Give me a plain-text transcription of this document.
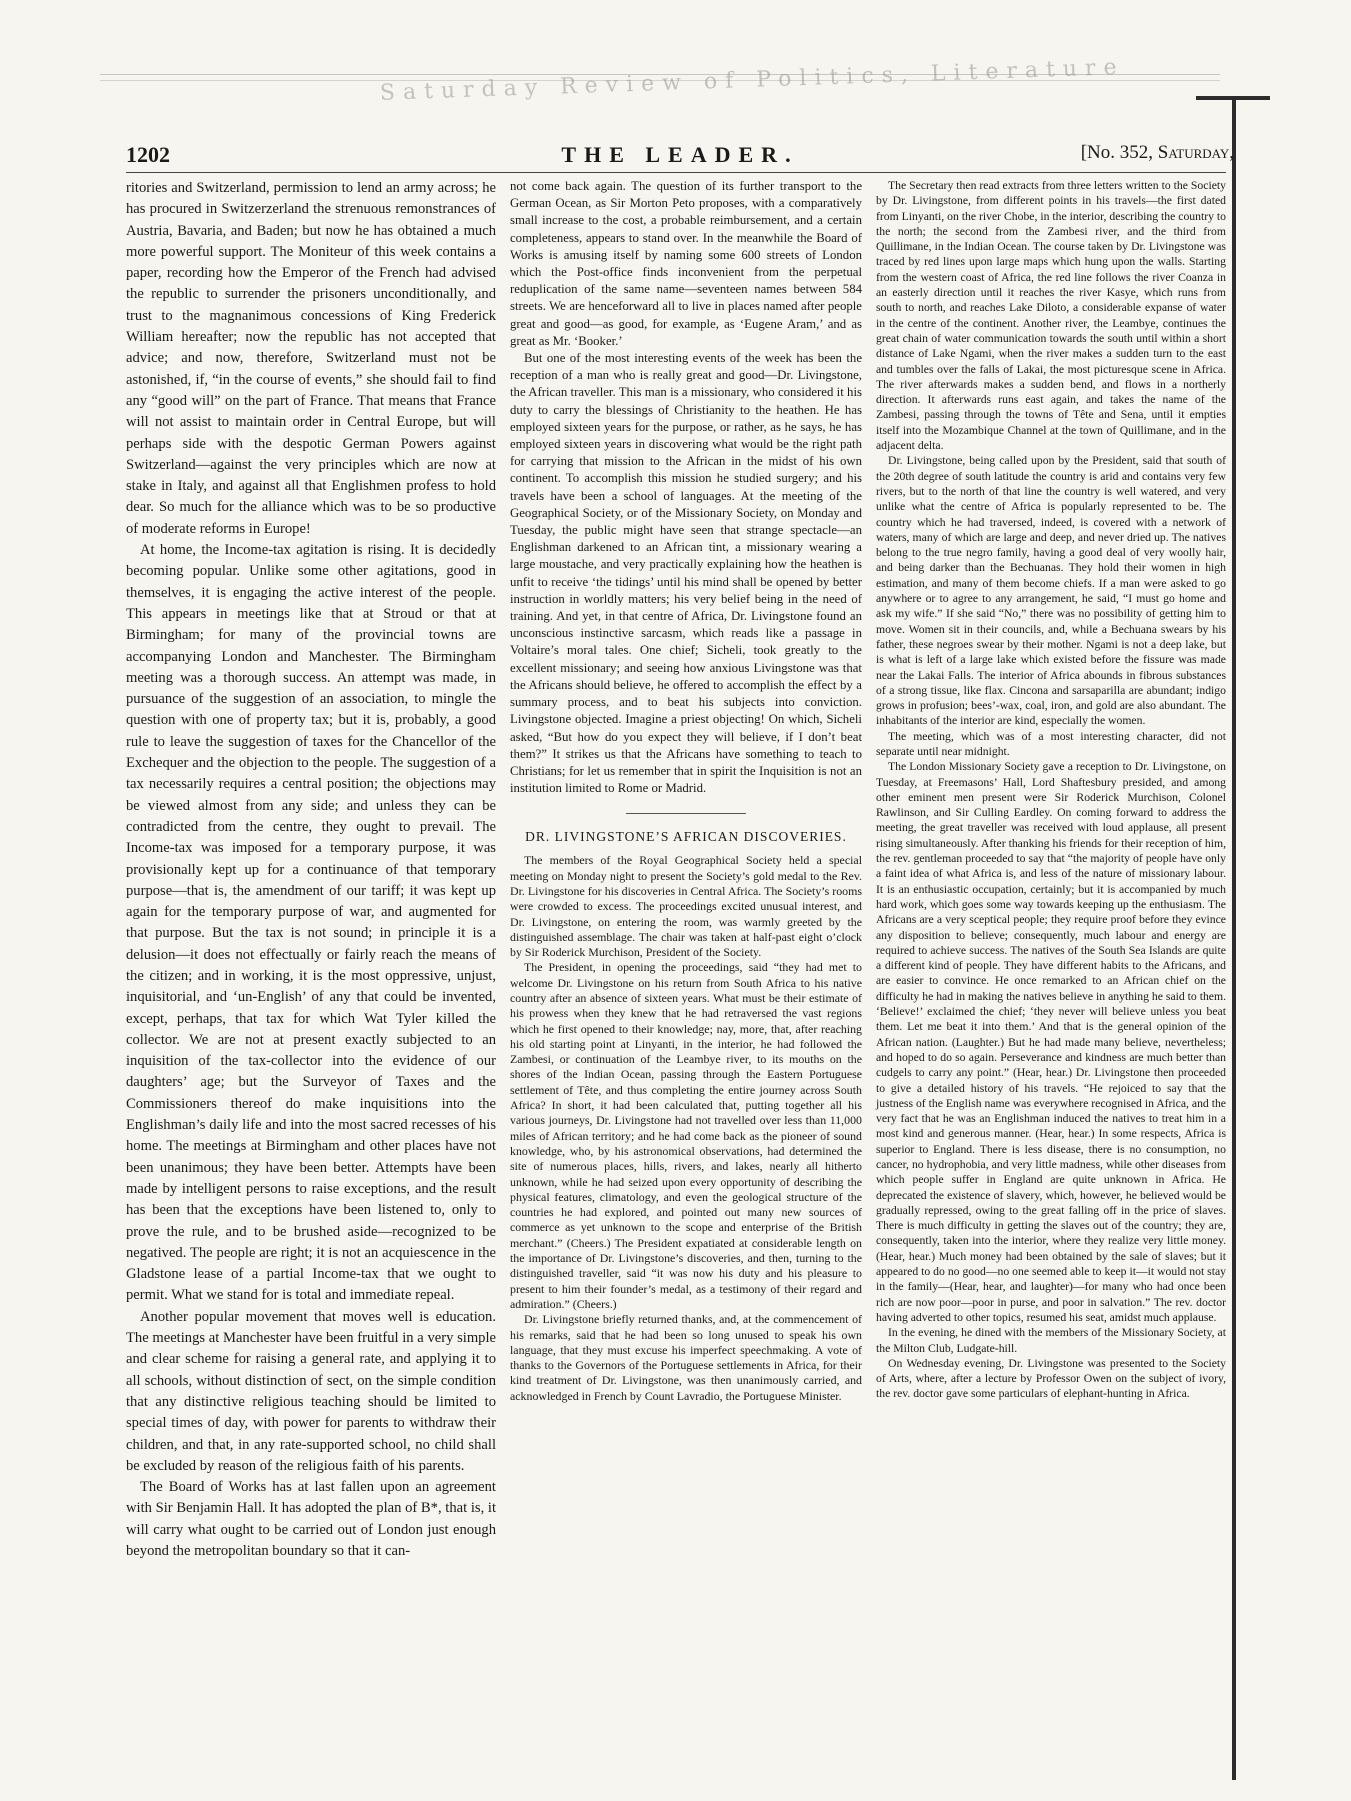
Saturday Review of Politics, Literature
1202	THE LEADER.	[No. 352, Saturday,

ritories and Switzerland, permission to lend an army across; he has procured in Switzerzerland the strenuous remonstrances of Austria, Bavaria, and Baden; but now he has obtained a much more powerful support. The Moniteur of this week contains a paper, recording how the Emperor of the French had advised the republic to surrender the prisoners unconditionally, and trust to the magnanimous concessions of King Frederick William hereafter; now the republic has not accepted that advice; and now, therefore, Switzerland must not be astonished, if, “in the course of events,” she should fail to find any “good will” on the part of France. That means that France will not assist to maintain order in Central Europe, but will perhaps side with the despotic German Powers against Switzerland—against the very principles which are now at stake in Italy, and against all that Englishmen profess to hold dear. So much for the alliance which was to be so productive of moderate reforms in Europe!

At home, the Income-tax agitation is rising. It is decidedly becoming popular. Unlike some other agitations, good in themselves, it is engaging the active interest of the people. This appears in meetings like that at Stroud or that at Birmingham; for many of the provincial towns are accompanying London and Manchester. The Birmingham meeting was a thorough success. An attempt was made, in pursuance of the suggestion of an association, to mingle the question with one of property tax; but it is, probably, a good rule to leave the suggestion of taxes for the Chancellor of the Exchequer and the objection to the people. The suggestion of a tax necessarily requires a central position; the objections may be viewed almost from any side; and unless they can be contradicted from the centre, they ought to prevail. The Income-tax was imposed for a temporary purpose, it was provisionally kept up for a continuance of that temporary purpose—that is, the amendment of our tariff; it was kept up again for the temporary purpose of war, and augmented for that purpose. But the tax is not sound; in principle it is a delusion—it does not effectually or fairly reach the means of the citizen; and in working, it is the most oppressive, unjust, inquisitorial, and ‘un-English’ of any that could be invented, except, perhaps, that tax for which Wat Tyler killed the collector. We are not at present exactly subjected to an inquisition of the tax-collector into the evidence of our daughters’ age; but the Surveyor of Taxes and the Commissioners thereof do make inquisitions into the Englishman’s daily life and into the most sacred recesses of his home. The meetings at Birmingham and other places have not been unanimous; they have been better. Attempts have been made by intelligent persons to raise exceptions, and the result has been that the exceptions have been listened to, only to prove the rule, and to be brushed aside—recognized to be negatived. The people are right; it is not an acquiescence in the Gladstone lease of a partial Income-tax that we ought to permit. What we stand for is total and immediate repeal.

Another popular movement that moves well is education. The meetings at Manchester have been fruitful in a very simple and clear scheme for raising a general rate, and applying it to all schools, without distinction of sect, on the simple condition that any distinctive religious teaching should be limited to special times of day, with power for parents to withdraw their children, and that, in any rate-supported school, no child shall be excluded by reason of the religious faith of his parents.

The Board of Works has at last fallen upon an agreement with Sir Benjamin Hall. It has adopted the plan of B*, that is, it will carry what ought to be carried out of London just enough beyond the metropolitan boundary so that it can-

not come back again. The question of its further transport to the German Ocean, as Sir Morton Peto proposes, with a comparatively small increase to the cost, a probable reimbursement, and a certain completeness, appears to stand over. In the meanwhile the Board of Works is amusing itself by naming some 600 streets of London which the Post-office finds inconvenient from the perpetual reduplication of the same name—seventeen names between 584 streets. We are henceforward all to live in places named after people great and good—as good, for example, as ‘Eugene Aram,’ and as great as Mr. ‘Booker.’

But one of the most interesting events of the week has been the reception of a man who is really great and good—Dr. Livingstone, the African traveller. This man is a missionary, who considered it his duty to carry the blessings of Christianity to the heathen. He has employed sixteen years for the purpose, or rather, as he says, he has employed sixteen years in discovering what would be the right path for carrying that mission to the African in the midst of his own continent. To accomplish this mission he studied surgery; and his travels have been a school of languages. At the meeting of the Geographical Society, or of the Missionary Society, on Monday and Tuesday, the public might have seen that strange spectacle—an Englishman darkened to an African tint, a missionary wearing a large moustache, and very practically explaining how the heathen is unfit to receive ‘the tidings’ until his mind shall be opened by better instruction in worldly matters; his very belief being in the need of training. And yet, in that centre of Africa, Dr. Livingstone found an unconscious instinctive sarcasm, which reads like a passage in Voltaire’s moral tales. One chief; Sicheli, took greatly to the excellent missionary; and seeing how anxious Livingstone was that the Africans should believe, he offered to accomplish the effect by a summary process, and to beat his subjects into conviction. Livingstone objected. Imagine a priest objecting! On which, Sicheli asked, “But how do you expect they will believe, if I don’t beat them?” It strikes us that the Africans have something to teach to Christians; for let us remember that in spirit the Inquisition is not an institution limited to Rome or Madrid.

DR. LIVINGSTONE’S AFRICAN DISCOVERIES.

The members of the Royal Geographical Society held a special meeting on Monday night to present the Society’s gold medal to the Rev. Dr. Livingstone for his discoveries in Central Africa. The Society’s rooms were crowded to excess. The proceedings excited unusual interest, and Dr. Livingstone, on entering the room, was warmly greeted by the distinguished assemblage. The chair was taken at half-past eight o’clock by Sir Roderick Murchison, President of the Society.

The President, in opening the proceedings, said “they had met to welcome Dr. Livingstone on his return from South Africa to his native country after an absence of sixteen years. What must be their estimate of his prowess when they knew that he had retraversed the vast regions which he first opened to their knowledge; nay, more, that, after reaching his old starting point at Linyanti, in the interior, he had followed the Zambesi, or continuation of the Leambye river, to its mouths on the shores of the Indian Ocean, passing through the Eastern Portuguese settlement of Tête, and thus completing the entire journey across South Africa? In short, it had been calculated that, putting together all his various journeys, Dr. Livingstone had not travelled over less than 11,000 miles of African territory; and he had come back as the pioneer of sound knowledge, who, by his astronomical observations, had determined the site of numerous places, hills, rivers, and lakes, nearly all hitherto unknown, while he had seized upon every opportunity of describing the physical features, climatology, and even the geological structure of the countries he had explored, and pointed out many new sources of commerce as yet unknown to the scope and enterprise of the British merchant.” (Cheers.) The President expatiated at considerable length on the importance of Dr. Livingstone’s discoveries, and then, turning to the distinguished traveller, said “it was now his duty and his pleasure to present to him their founder’s medal, as a testimony of their regard and admiration.” (Cheers.)

Dr. Livingstone briefly returned thanks, and, at the commencement of his remarks, said that he had been so long unused to speak his own language, that they must excuse his imperfect speechmaking. A vote of thanks to the Governors of the Portuguese settlements in Africa, for their kind treatment of Dr. Livingstone, was then unanimously carried, and acknowledged in French by Count Lavradio, the Portuguese Minister.

The Secretary then read extracts from three letters written to the Society by Dr. Livingstone, from different points in his travels—the first dated from Linyanti, on the river Chobe, in the interior, describing the country to the north; the second from the Zambesi river, and the third from Quillimane, in the Indian Ocean. The course taken by Dr. Livingstone was traced by red lines upon large maps which hung upon the walls. Starting from the western coast of Africa, the red line follows the river Coanza in an easterly direction until it reaches the river Kasye, which runs from south to north, and reaches Lake Diloto, a considerable expanse of water in the centre of the continent. Another river, the Leambye, continues the great chain of water communication towards the south until within a short distance of Lake Ngami, when the river makes a sudden turn to the east and tumbles over the falls of Lakai, the most picturesque scene in Africa. The river afterwards makes a sudden bend, and flows in a northerly direction. It afterwards runs east again, and takes the name of the Zambesi, passing through the towns of Tête and Sena, until it empties itself into the Mozambique Channel at the town of Quillimane, and in the adjacent delta.

Dr. Livingstone, being called upon by the President, said that south of the 20th degree of south latitude the country is arid and contains very few rivers, but to the north of that line the country is well watered, and very unlike what the centre of Africa is popularly represented to be. The country which he had traversed, indeed, is covered with a network of waters, many of which are large and deep, and never dried up. The natives belong to the true negro family, having a good deal of very woolly hair, and being darker than the Bechuanas. They hold their women in high estimation, and many of them become chiefs. If a man were asked to go anywhere or to agree to any arrangement, he said, “I must go home and ask my wife.” If she said “No,” there was no possibility of getting him to move. Women sit in their councils, and, while a Bechuana swears by his father, these negroes swear by their mother. Ngami is not a deep lake, but is what is left of a large lake which existed before the fissure was made near the Lakai Falls. The interior of Africa abounds in fibrous substances of a strong tissue, like flax. Cincona and sarsaparilla are abundant; indigo grows in profusion; bees’-wax, coal, iron, and gold are also abundant. The inhabitants of the interior are kind, especially the women.

The meeting, which was of a most interesting character, did not separate until near midnight.

The London Missionary Society gave a reception to Dr. Livingstone, on Tuesday, at Freemasons’ Hall, Lord Shaftesbury presided, and among other eminent men present were Sir Roderick Murchison, Colonel Rawlinson, and Sir Culling Eardley. On coming forward to address the meeting, the great traveller was received with loud applause, all present rising simultaneously. After thanking his friends for their reception of him, the rev. gentleman proceeded to say that “the majority of people have only a faint idea of what Africa is, and less of the nature of missionary labour. It is an enthusiastic occupation, certainly; but it is accompanied by much hard work, which goes some way towards keeping up the enthusiasm. The Africans are a very sceptical people; they require proof before they evince any disposition to believe; consequently, much labour and energy are required to achieve success. The natives of the South Sea Islands are quite a different kind of people. They have different habits to the Africans, and are easier to convince. He once remarked to an African chief on the difficulty he had in making the natives believe in anything he said to them. ‘Believe!’ exclaimed the chief; ‘they never will believe unless you beat them. Let me beat it into them.’ And that is the general opinion of the African nation. (Laughter.) But he had made many believe, nevertheless; and hoped to do so again. Perseverance and kindness are much better than cudgels to carry any point.” (Hear, hear.) Dr. Livingstone then proceeded to give a detailed history of his travels. “He rejoiced to say that the justness of the English name was everywhere recognised in Africa, and the very fact that he was an Englishman induced the natives to treat him in a most kind and generous manner. (Hear, hear.) In some respects, Africa is superior to England. There is less disease, there is no consumption, no cancer, no hydrophobia, and very little madness, while other diseases from which people suffer in England are quite unknown in Africa. He deprecated the existence of slavery, which, however, he believed would be gradually repressed, owing to the great falling off in the price of slaves. There is much difficulty in getting the slaves out of the country; they are, consequently, taken into the interior, where they realize very little money. (Hear, hear.) Much money had been obtained by the sale of slaves; but it appeared to do no good—no one seemed able to keep it—it would not stay in the family—(Hear, hear, and laughter)—for many who had once been rich are now poor—poor in purse, and poor in salvation.” The rev. doctor having adverted to other topics, resumed his seat, amidst much applause.

In the evening, he dined with the members of the Missionary Society, at the Milton Club, Ludgate-hill.

On Wednesday evening, Dr. Livingstone was presented to the Society of Arts, where, after a lecture by Professor Owen on the subject of ivory, the rev. doctor gave some particulars of elephant-hunting in Africa.
